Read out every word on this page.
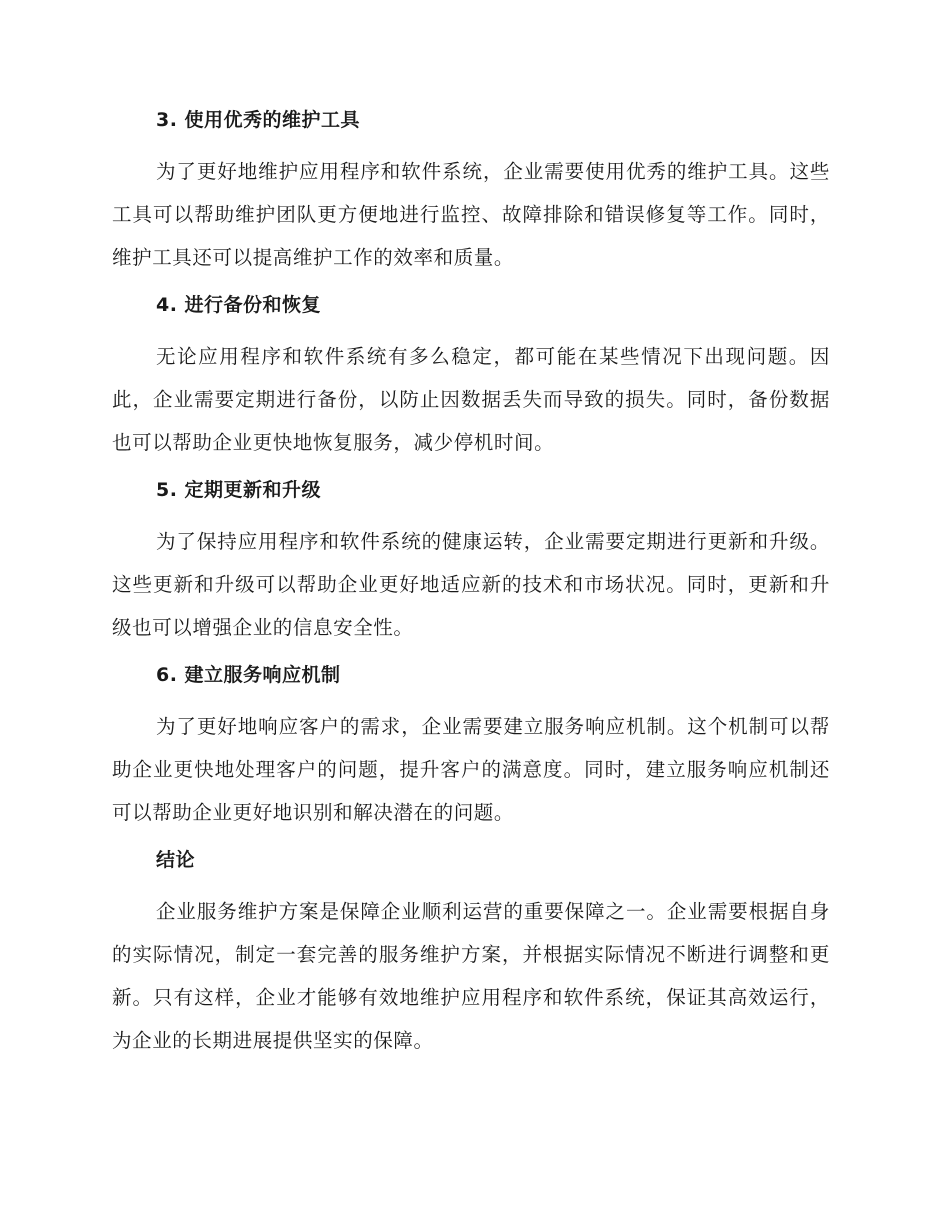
3. 使用优秀的维护工具

为了更好地维护应用程序和软件系统，企业需要使用优秀的维护工具。这些工具可以帮助维护团队更方便地进行监控、故障排除和错误修复等工作。同时，维护工具还可以提高维护工作的效率和质量。

4. 进行备份和恢复

无论应用程序和软件系统有多么稳定，都可能在某些情况下出现问题。因此，企业需要定期进行备份，以防止因数据丢失而导致的损失。同时，备份数据也可以帮助企业更快地恢复服务，减少停机时间。

5. 定期更新和升级

为了保持应用程序和软件系统的健康运转，企业需要定期进行更新和升级。这些更新和升级可以帮助企业更好地适应新的技术和市场状况。同时，更新和升级也可以增强企业的信息安全性。

6. 建立服务响应机制

为了更好地响应客户的需求，企业需要建立服务响应机制。这个机制可以帮助企业更快地处理客户的问题，提升客户的满意度。同时，建立服务响应机制还可以帮助企业更好地识别和解决潜在的问题。

结论

企业服务维护方案是保障企业顺利运营的重要保障之一。企业需要根据自身的实际情况，制定一套完善的服务维护方案，并根据实际情况不断进行调整和更新。只有这样，企业才能够有效地维护应用程序和软件系统，保证其高效运行，为企业的长期进展提供坚实的保障。
